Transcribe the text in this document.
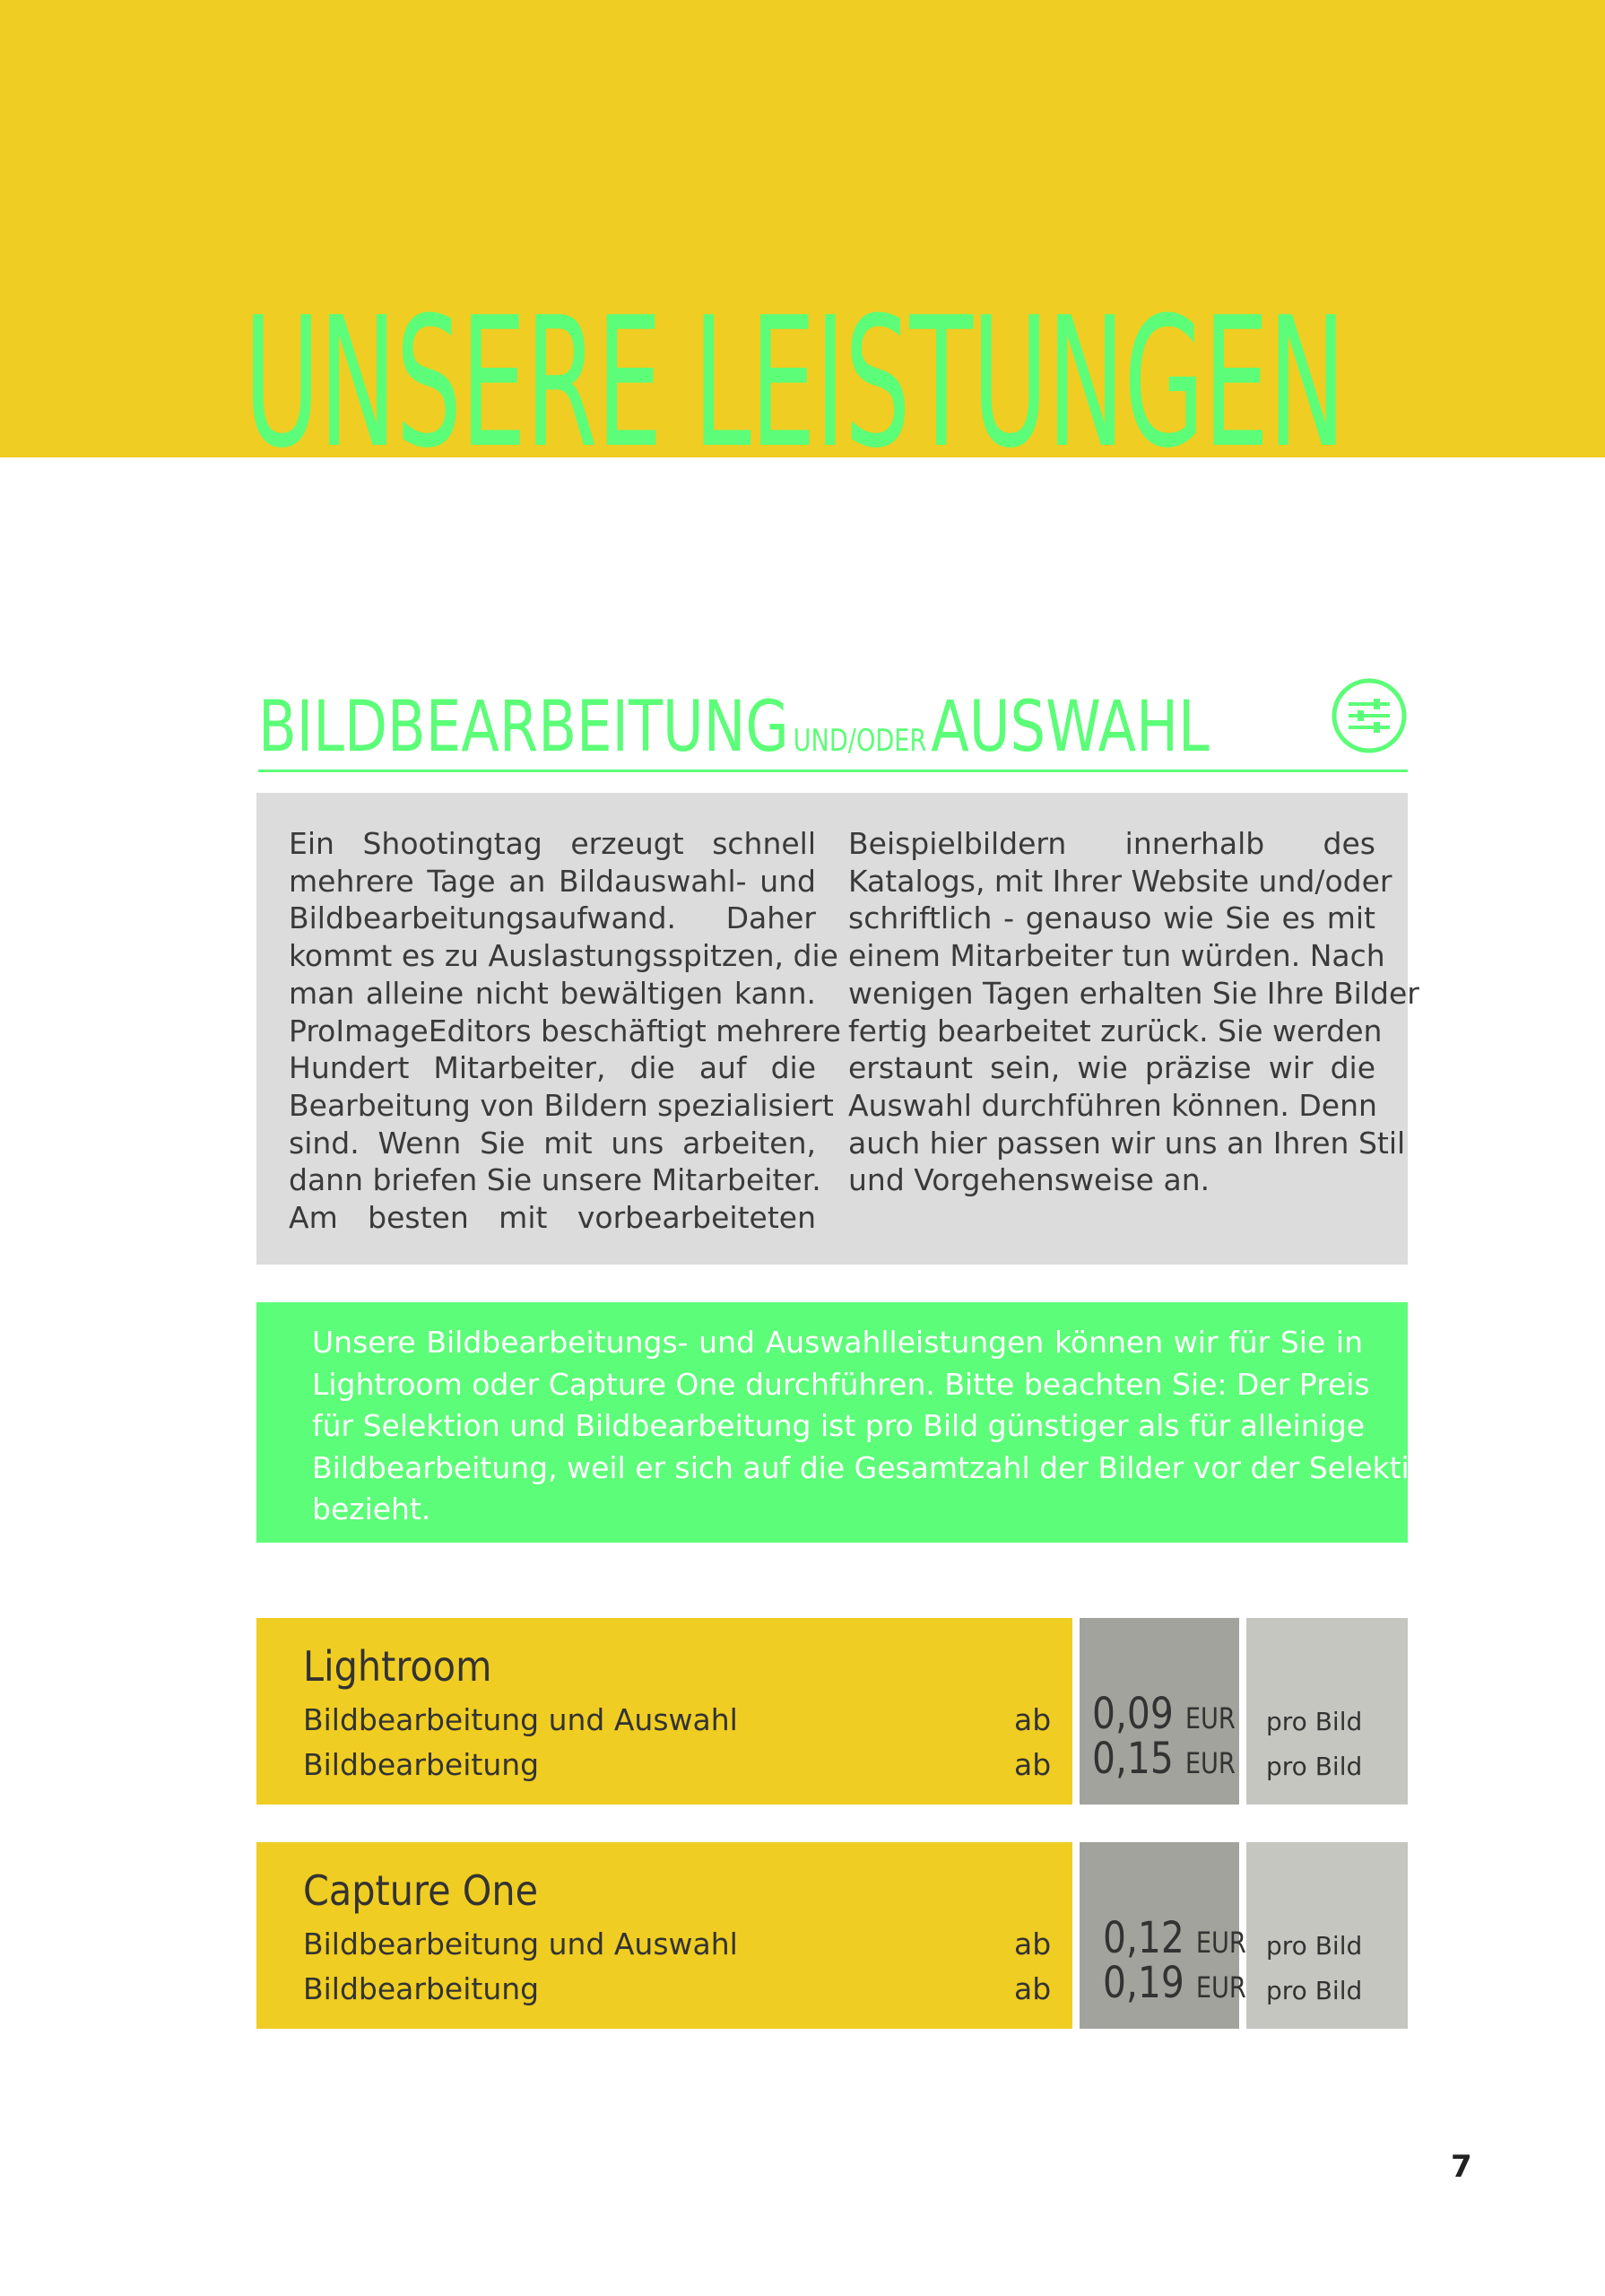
UNSERE LEISTUNGEN
BILDBEARBEITUNG UND/ODERAUSWAHL
Ein Shootingtag erzeugt schnell
mehrere Tage an Bildauswahl- und
Bildbearbeitungsaufwand. Daher
kommt es zu Auslastungsspitzen, die
man alleine nicht bewältigen kann.
ProImageEditors beschäftigt mehrere
Hundert Mitarbeiter, die auf die
Bearbeitung von Bildern spezialisiert
sind. Wenn Sie mit uns arbeiten,
dann briefen Sie unsere Mitarbeiter.
Am besten mit vorbearbeiteten
Beispielbildern innerhalb des
Katalogs, mit Ihrer Website und/oder
schriftlich - genauso wie Sie es mit
einem Mitarbeiter tun würden. Nach
wenigen Tagen erhalten Sie Ihre Bilder
fertig bearbeitet zurück. Sie werden
erstaunt sein, wie präzise wir die
Auswahl durchführen können. Denn
auch hier passen wir uns an Ihren Stil
und Vorgehensweise an.
Unsere Bildbearbeitungs- und Auswahlleistungen können wir für Sie in
Lightroom oder Capture One durchführen. Bitte beachten Sie: Der Preis
für Selektion und Bildbearbeitung ist pro Bild günstiger als für alleinige
Bildbearbeitung, weil er sich auf die Gesamtzahl der Bilder vor der Selektion
bezieht.
Lightroom
Bildbearbeitung und Auswahl	ab 0,09 EUR pro Bild
Bildbearbeitung	ab 0,15 EUR pro Bild
Capture One
Bildbearbeitung und Auswahl	ab 0,12 EUR pro Bild
Bildbearbeitung	ab 0,19 EUR pro Bild
7
